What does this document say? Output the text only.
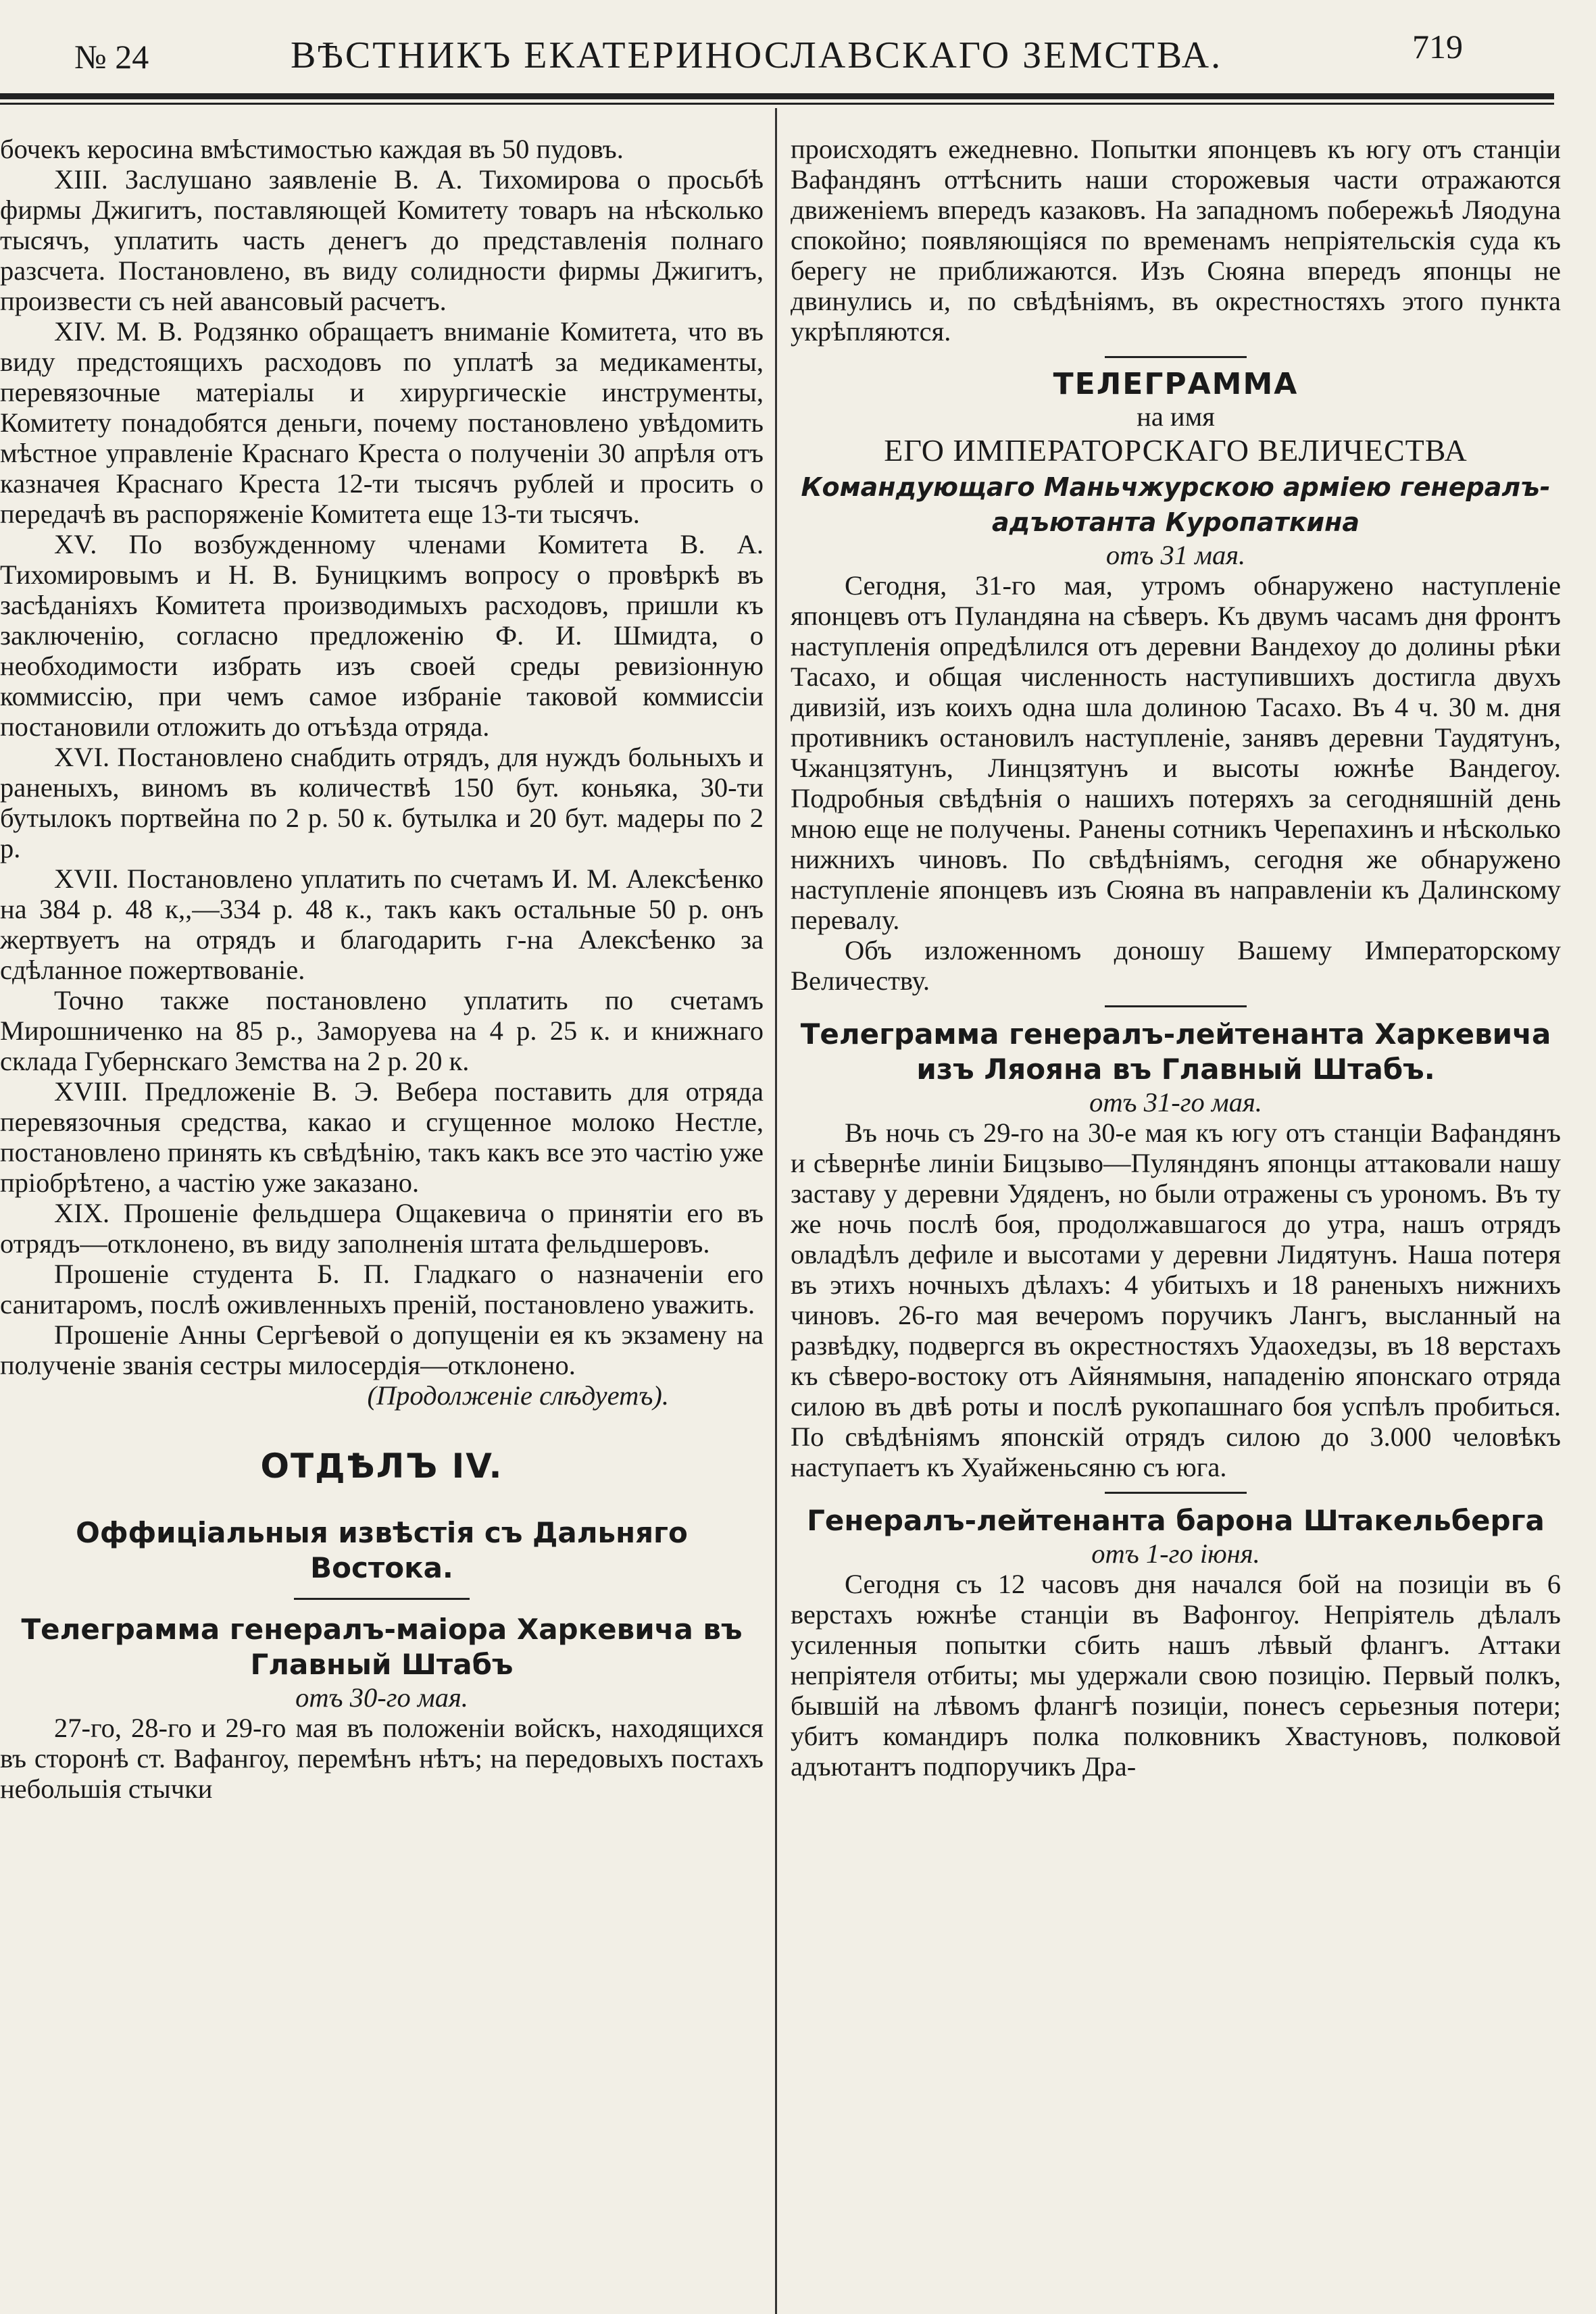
№ 24	ВѢСТНИКЪ ЕКАТЕРИНОСЛАВСКАГО ЗЕМСТВА.	719

бочекъ керосина вмѣстимостью каждая въ 50 пудовъ.

XIII. Заслушано заявленіе В. А. Тихомирова о просьбѣ фирмы Джигитъ, поставляющей Комитету товаръ на нѣсколько тысячъ, уплатить часть денегъ до представленія полнаго разсчета. Постановлено, въ виду солидности фирмы Джигитъ, произвести съ ней авансовый расчетъ.

XIV. М. В. Родзянко обращаетъ вниманіе Комитета, что въ виду предстоящихъ расходовъ по уплатѣ за медикаменты, перевязочные матеріалы и хирургическіе инструменты, Комитету понадобятся деньги, почему постановлено увѣдомить мѣстное управленіе Краснаго Креста о полученіи 30 апрѣля отъ казначея Краснаго Креста 12-ти тысячъ рублей и просить о передачѣ въ распоряженіе Комитета еще 13-ти тысячъ.

XV. По возбужденному членами Комитета В. А. Тихомировымъ и Н. В. Буницкимъ вопросу о провѣркѣ въ засѣданіяхъ Комитета производимыхъ расходовъ, пришли къ заключенію, согласно предложенію Ф. И. Шмидта, о необходимости избрать изъ своей среды ревизіонную коммиссію, при чемъ самое избраніе таковой коммиссіи постановили отложить до отъѣзда отряда.

XVI. Постановлено снабдить отрядъ, для нуждъ больныхъ и раненыхъ, виномъ въ количествѣ 150 бут. коньяка, 30-ти бутылокъ портвейна по 2 р. 50 к. бутылка и 20 бут. мадеры по 2 р.

XVII. Постановлено уплатить по счетамъ И. М. Алексѣенко на 384 р. 48 к,,—334 р. 48 к., такъ какъ остальные 50 р. онъ жертвуетъ на отрядъ и благодарить г-на Алексѣенко за сдѣланное пожертвованіе.

Точно также постановлено уплатить по счетамъ Мирошниченко на 85 р., Заморуева на 4 р. 25 к. и книжнаго склада Губернскаго Земства на 2 р. 20 к.

XVIII. Предложеніе В. Э. Вебера поставить для отряда перевязочныя средства, какао и сгущенное молоко Нестле, постановлено принять къ свѣдѣнію, такъ какъ все это частію уже пріобрѣтено, а частію уже заказано.

XIX. Прошеніе фельдшера Ощакевича о принятіи его въ отрядъ—отклонено, въ виду заполненія штата фельдшеровъ.

Прошеніе студента Б. П. Гладкаго о назначеніи его санитаромъ, послѣ оживленныхъ преній, постановлено уважить.

Прошеніе Анны Сергѣевой о допущеніи ея къ экзамену на полученіе званія сестры милосердія—отклонено.

(Продолженіе слѣдуетъ).

ОТДѢЛЪ IV.

Оффиціальныя извѣстія съ Дальняго Востока.

Телеграмма генералъ-маіора Харкевича въ Главный Штабъ

отъ 30-го мая.

27-го, 28-го и 29-го мая въ положеніи войскъ, находящихся въ сторонѣ ст. Вафангоу, перемѣнъ нѣтъ; на передовыхъ постахъ небольшія стычки

происходятъ ежедневно. Попытки японцевъ къ югу отъ станціи Вафандянъ оттѣснить наши сторожевыя части отражаются движеніемъ впередъ казаковъ. На западномъ побережьѣ Ляодуна спокойно; появляющіяся по временамъ непріятельскія суда къ берегу не приближаются. Изъ Сюяна впередъ японцы не двинулись и, по свѣдѣніямъ, въ окрестностяхъ этого пункта укрѣпляются.

ТЕЛЕГРАММА

на имя

ЕГО ИМПЕРАТОРСКАГО ВЕЛИЧЕСТВА

Командующаго Маньчжурскою арміею генералъ-адъютанта Куропаткина

отъ 31 мая.

Сегодня, 31-го мая, утромъ обнаружено наступленіе японцевъ отъ Пуландяна на сѣверъ. Къ двумъ часамъ дня фронтъ наступленія опредѣлился отъ деревни Вандехоу до долины рѣки Тасахо, и общая численность наступившихъ достигла двухъ дивизій, изъ коихъ одна шла долиною Тасахо. Въ 4 ч. 30 м. дня противникъ остановилъ наступленіе, занявъ деревни Таудятунъ, Чжанцзятунъ, Линцзятунъ и высоты южнѣе Вандегоу. Подробныя свѣдѣнія о нашихъ потеряхъ за сегодняшній день мною еще не получены. Ранены сотникъ Черепахинъ и нѣсколько нижнихъ чиновъ. По свѣдѣніямъ, сегодня же обнаружено наступленіе японцевъ изъ Сюяна въ направленіи къ Далинскому перевалу.

Объ изложенномъ доношу Вашему Императорскому Величеству.

Телеграмма генералъ-лейтенанта Харкевича изъ Ляояна въ Главный Штабъ.

отъ 31-го мая.

Въ ночь съ 29-го на 30-е мая къ югу отъ станціи Вафандянъ и сѣвернѣе линіи Бицзыво—Пуляндянъ японцы аттаковали нашу заставу у деревни Удяденъ, но были отражены съ урономъ. Въ ту же ночь послѣ боя, продолжавшагося до утра, нашъ отрядъ овладѣлъ дефиле и высотами у деревни Лидятунъ. Наша потеря въ этихъ ночныхъ дѣлахъ: 4 убитыхъ и 18 раненыхъ нижнихъ чиновъ. 26-го мая вечеромъ поручикъ Лангъ, высланный на развѣдку, подвергся въ окрестностяхъ Удаохедзы, въ 18 верстахъ къ сѣверо-востоку отъ Айянямыня, нападенію японскаго отряда силою въ двѣ роты и послѣ рукопашнаго боя успѣлъ пробиться. По свѣдѣніямъ японскій отрядъ силою до 3.000 человѣкъ наступаетъ къ Хуайженьсяню съ юга.

Генералъ-лейтенанта барона Штакельберга

отъ 1-го іюня.

Сегодня съ 12 часовъ дня начался бой на позиціи въ 6 верстахъ южнѣе станціи въ Вафонгоу. Непріятель дѣлалъ усиленныя попытки сбить нашъ лѣвый флангъ. Аттаки непріятеля отбиты; мы удержали свою позицію. Первый полкъ, бывшій на лѣвомъ флангѣ позиціи, понесъ серьезныя потери; убитъ командиръ полка полковникъ Хвастуновъ, полковой адъютантъ подпоручикъ Дра-
